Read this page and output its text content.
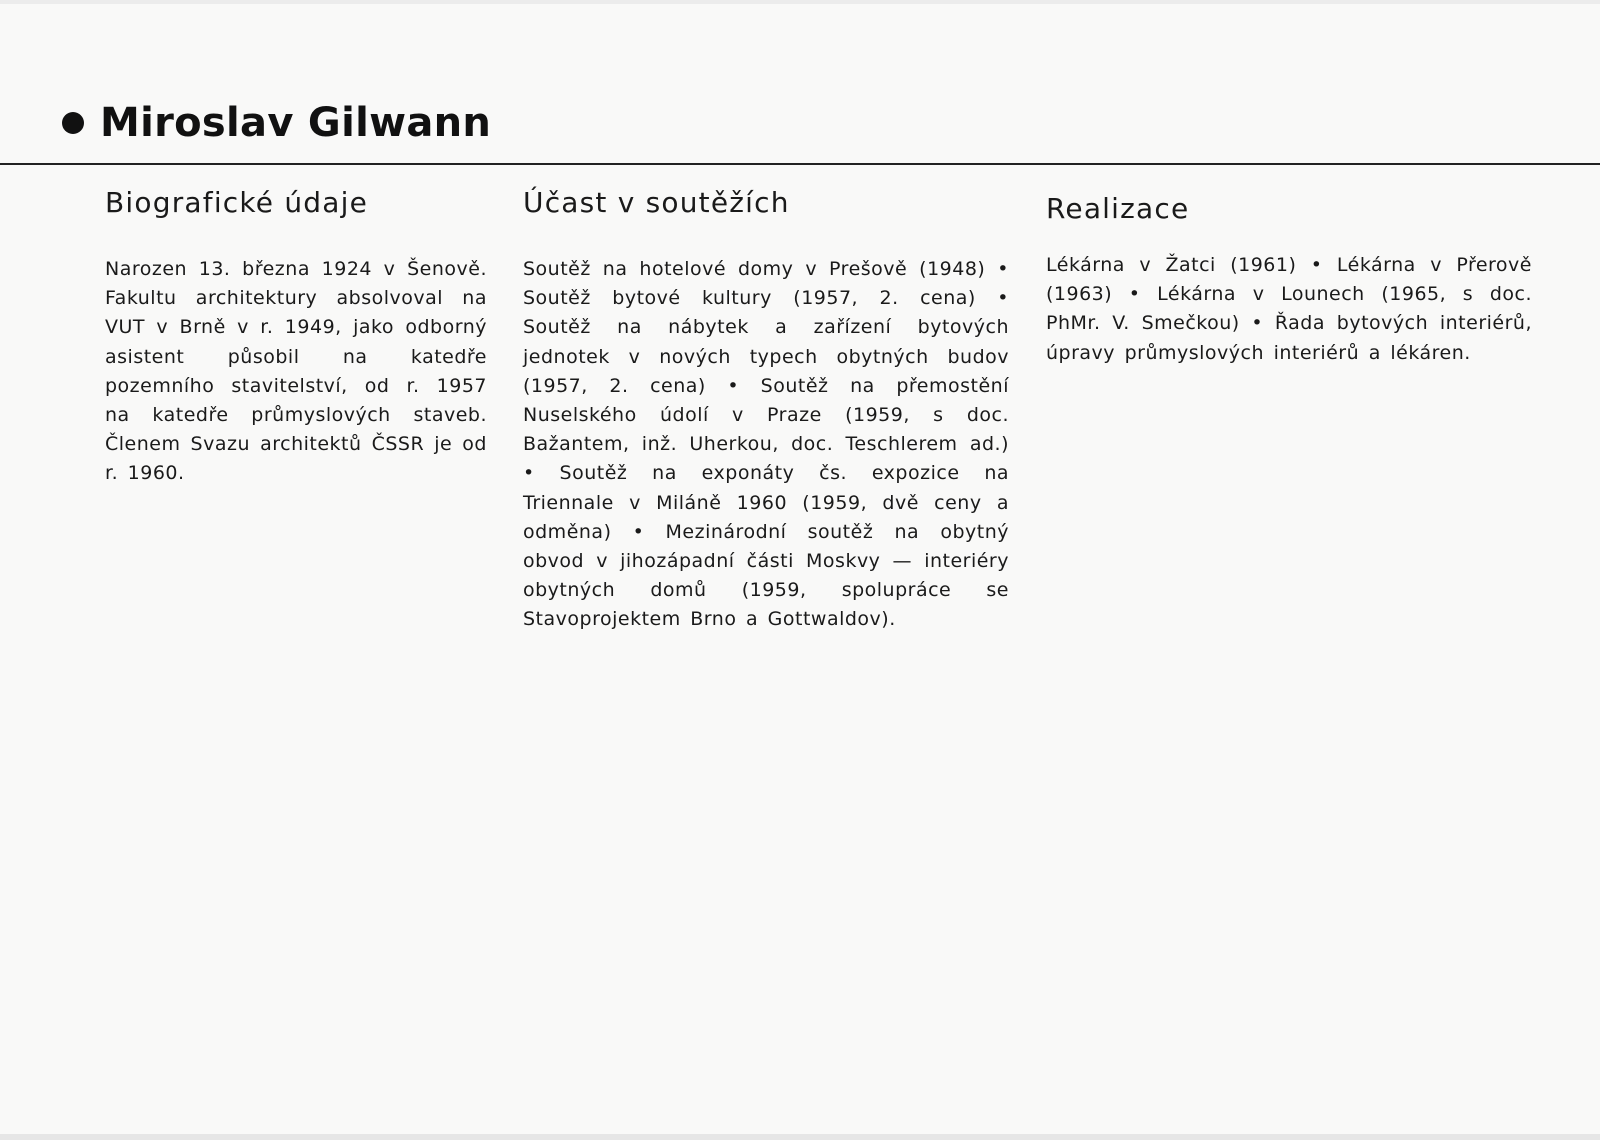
Miroslav Gilwann
Biografické údaje

Narozen 13. března 1924 v Šenově. Fakultu architektury absolvoval na VUT v Brně v r. 1949, jako odborný asistent působil na katedře pozemního stavitelství, od r. 1957 na katedře průmyslových staveb. Členem Svazu architektů ČSSR je od r. 1960.

Účast v soutěžích

Soutěž na hotelové domy v Prešově (1948) • Soutěž bytové kultury (1957, 2. cena) • Soutěž na nábytek a zařízení bytových jednotek v nových typech obytných budov (1957, 2. cena) • Soutěž na přemostění Nuselského údolí v Praze (1959, s doc. Bažantem, inž. Uherkou, doc. Teschlerem ad.) • Soutěž na exponáty čs. expozice na Triennale v Miláně 1960 (1959, dvě ceny a odměna) • Mezinárodní soutěž na obytný obvod v jihozápadní části Moskvy — interiéry obytných domů (1959, spolupráce se Stavoprojektem Brno a Gottwaldov).

Realizace

Lékárna v Žatci (1961) • Lékárna v Přerově (1963) • Lékárna v Lounech (1965, s doc. PhMr. V. Smečkou) • Řada bytových interiérů, úpravy průmyslových interiérů a lékáren.
